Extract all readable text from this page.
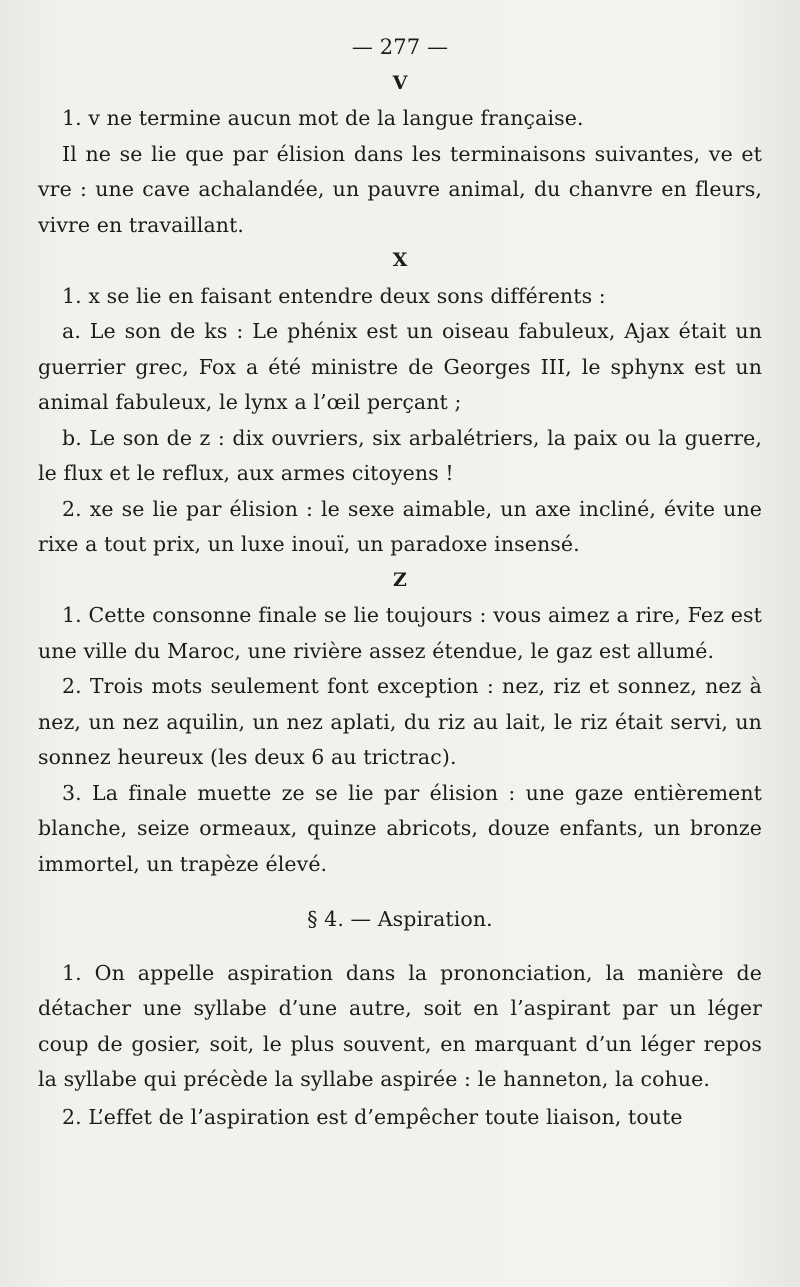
— 277 —

V

1. v ne termine aucun mot de la langue française.

Il ne se lie que par élision dans les terminaisons suivantes, ve et vre : une cave achalandée, un pauvre animal, du chanvre en fleurs, vivre en travaillant.

X

1. x se lie en faisant entendre deux sons différents :

a. Le son de ks : Le phénix est un oiseau fabuleux, Ajax était un guerrier grec, Fox a été ministre de Georges III, le sphynx est un animal fabuleux, le lynx a l’œil perçant ;

b. Le son de z : dix ouvriers, six arbalétriers, la paix ou la guerre, le flux et le reflux, aux armes citoyens !

2. xe se lie par élision : le sexe aimable, un axe incliné, évite une rixe a tout prix, un luxe inouï, un paradoxe insensé.

Z

1. Cette consonne finale se lie toujours : vous aimez a rire, Fez est une ville du Maroc, une rivière assez étendue, le gaz est allumé.

2. Trois mots seulement font exception : nez, riz et sonnez, nez à nez, un nez aquilin, un nez aplati, du riz au lait, le riz était servi, un sonnez heureux (les deux 6 au trictrac).

3. La finale muette ze se lie par élision : une gaze entièrement blanche, seize ormeaux, quinze abricots, douze enfants, un bronze immortel, un trapèze élevé.

§ 4. — Aspiration.

1. On appelle aspiration dans la prononciation, la manière de détacher une syllabe d’une autre, soit en l’aspirant par un léger coup de gosier, soit, le plus souvent, en marquant d’un léger repos la syllabe qui précède la syllabe aspirée : le hanneton, la cohue.

2. L’effet de l’aspiration est d’empêcher toute liaison, toute
